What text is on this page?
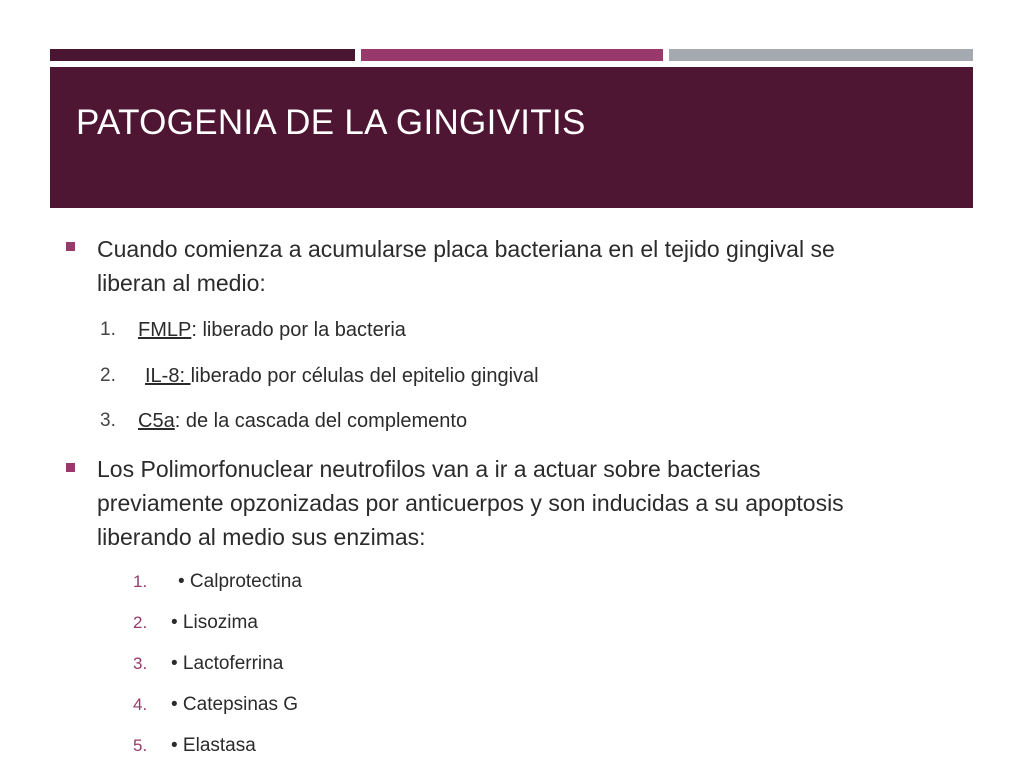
PATOGENIA DE LA GINGIVITIS
Cuando comienza a acumularse placa bacteriana en el tejido gingival se
liberan al medio:
1. FMLP: liberado por la bacteria
2. IL-8: liberado por células del epitelio gingival
3. C5a: de la cascada del complemento
Los Polimorfonuclear neutrofilos van a ir a actuar sobre bacterias
previamente opzonizadas por anticuerpos y son inducidas a su apoptosis
liberando al medio sus enzimas:
1. • Calprotectina
2. • Lisozima
3. • Lactoferrina
4. • Catepsinas G
5. • Elastasa
